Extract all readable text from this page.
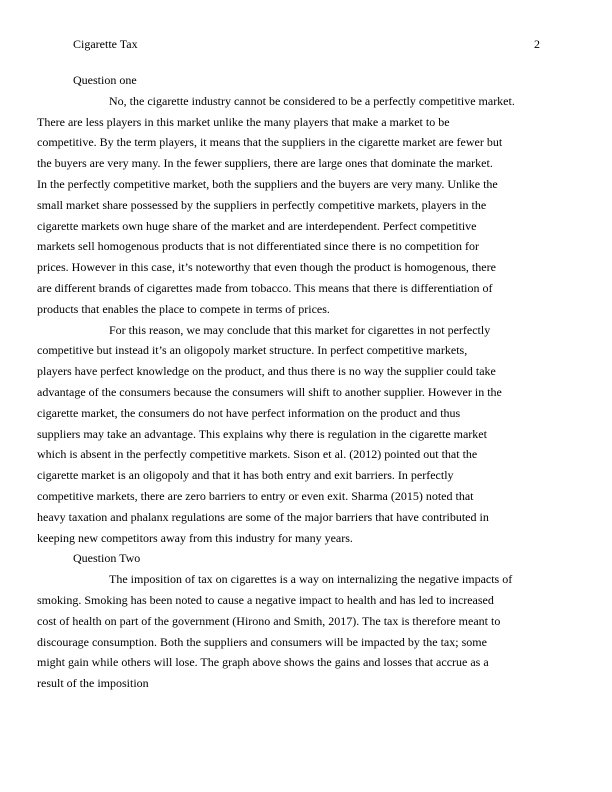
Cigarette Tax	2
Question one
No, the cigarette industry cannot be considered to be a perfectly competitive market.
There are less players in this market unlike the many players that make a market to be
competitive. By the term players, it means that the suppliers in the cigarette market are fewer but
the buyers are very many. In the fewer suppliers, there are large ones that dominate the market.
In the perfectly competitive market, both the suppliers and the buyers are very many. Unlike the
small market share possessed by the suppliers in perfectly competitive markets, players in the
cigarette markets own huge share of the market and are interdependent. Perfect competitive
markets sell homogenous products that is not differentiated since there is no competition for
prices. However in this case, it’s noteworthy that even though the product is homogenous, there
are different brands of cigarettes made from tobacco. This means that there is differentiation of
products that enables the place to compete in terms of prices.
For this reason, we may conclude that this market for cigarettes in not perfectly
competitive but instead it’s an oligopoly market structure. In perfect competitive markets,
players have perfect knowledge on the product, and thus there is no way the supplier could take
advantage of the consumers because the consumers will shift to another supplier. However in the
cigarette market, the consumers do not have perfect information on the product and thus
suppliers may take an advantage. This explains why there is regulation in the cigarette market
which is absent in the perfectly competitive markets. Sison et al. (2012) pointed out that the
cigarette market is an oligopoly and that it has both entry and exit barriers. In perfectly
competitive markets, there are zero barriers to entry or even exit. Sharma (2015) noted that
heavy taxation and phalanx regulations are some of the major barriers that have contributed in
keeping new competitors away from this industry for many years.
Question Two
The imposition of tax on cigarettes is a way on internalizing the negative impacts of
smoking. Smoking has been noted to cause a negative impact to health and has led to increased
cost of health on part of the government (Hirono and Smith, 2017). The tax is therefore meant to
discourage consumption. Both the suppliers and consumers will be impacted by the tax; some
might gain while others will lose. The graph above shows the gains and losses that accrue as a
result of the imposition
